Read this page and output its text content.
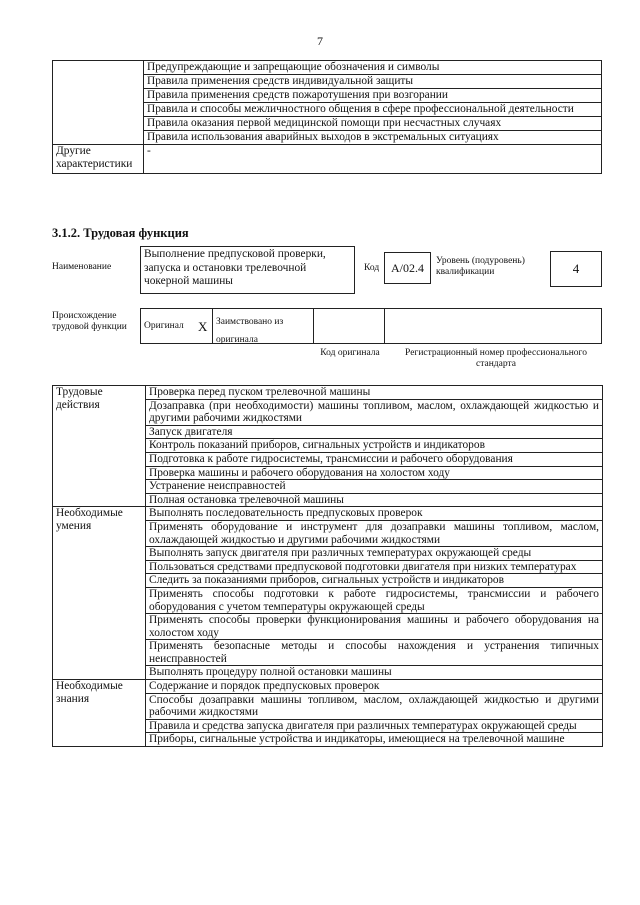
7
	Предупреждающие и запрещающие обозначения и символы
	Правила применения средств индивидуальной защиты
	Правила применения средств пожаротушения при возгорании
	Правила и способы межличностного общения в сфере профессиональной деятельности
	Правила оказания первой медицинской помощи при несчастных случаях
	Правила использования аварийных выходов в экстремальных ситуациях
Другие характеристики	-
3.1.2. Трудовая функция
Наименование
Выполнение предпусковой проверки, запуска и остановки трелевочной чокерной машины
Код А/02.4	Уровень (подуровень) квалификации	4
Происхождение трудовой функции	Оригинал X Заимствовано из оригинала
Код оригинала	Регистрационный номер профессионального стандарта
Трудовые действия	Проверка перед пуском трелевочной машины
	Дозаправка (при необходимости) машины топливом, маслом, охлаждающей жидкостью и другими рабочими жидкостями
	Запуск двигателя
	Контроль показаний приборов, сигнальных устройств и индикаторов
	Подготовка к работе гидросистемы, трансмиссии и рабочего оборудования
	Проверка машины и рабочего оборудования на холостом ходу
	Устранение неисправностей
	Полная остановка трелевочной машины
Необходимые умения	Выполнять последовательность предпусковых проверок
	Применять оборудование и инструмент для дозаправки машины топливом, маслом, охлаждающей жидкостью и другими рабочими жидкостями
	Выполнять запуск двигателя при различных температурах окружающей среды
	Пользоваться средствами предпусковой подготовки двигателя при низких температурах
	Следить за показаниями приборов, сигнальных устройств и индикаторов
	Применять способы подготовки к работе гидросистемы, трансмиссии и рабочего оборудования с учетом температуры окружающей среды
	Применять способы проверки функционирования машины и рабочего оборудования на холостом ходу
	Применять безопасные методы и способы нахождения и устранения типичных неисправностей
	Выполнять процедуру полной остановки машины
Необходимые знания	Содержание и порядок предпусковых проверок
	Способы дозаправки машины топливом, маслом, охлаждающей жидкостью и другими рабочими жидкостями
	Правила и средства запуска двигателя при различных температурах окружающей среды
	Приборы, сигнальные устройства и индикаторы, имеющиеся на трелевочной машине
